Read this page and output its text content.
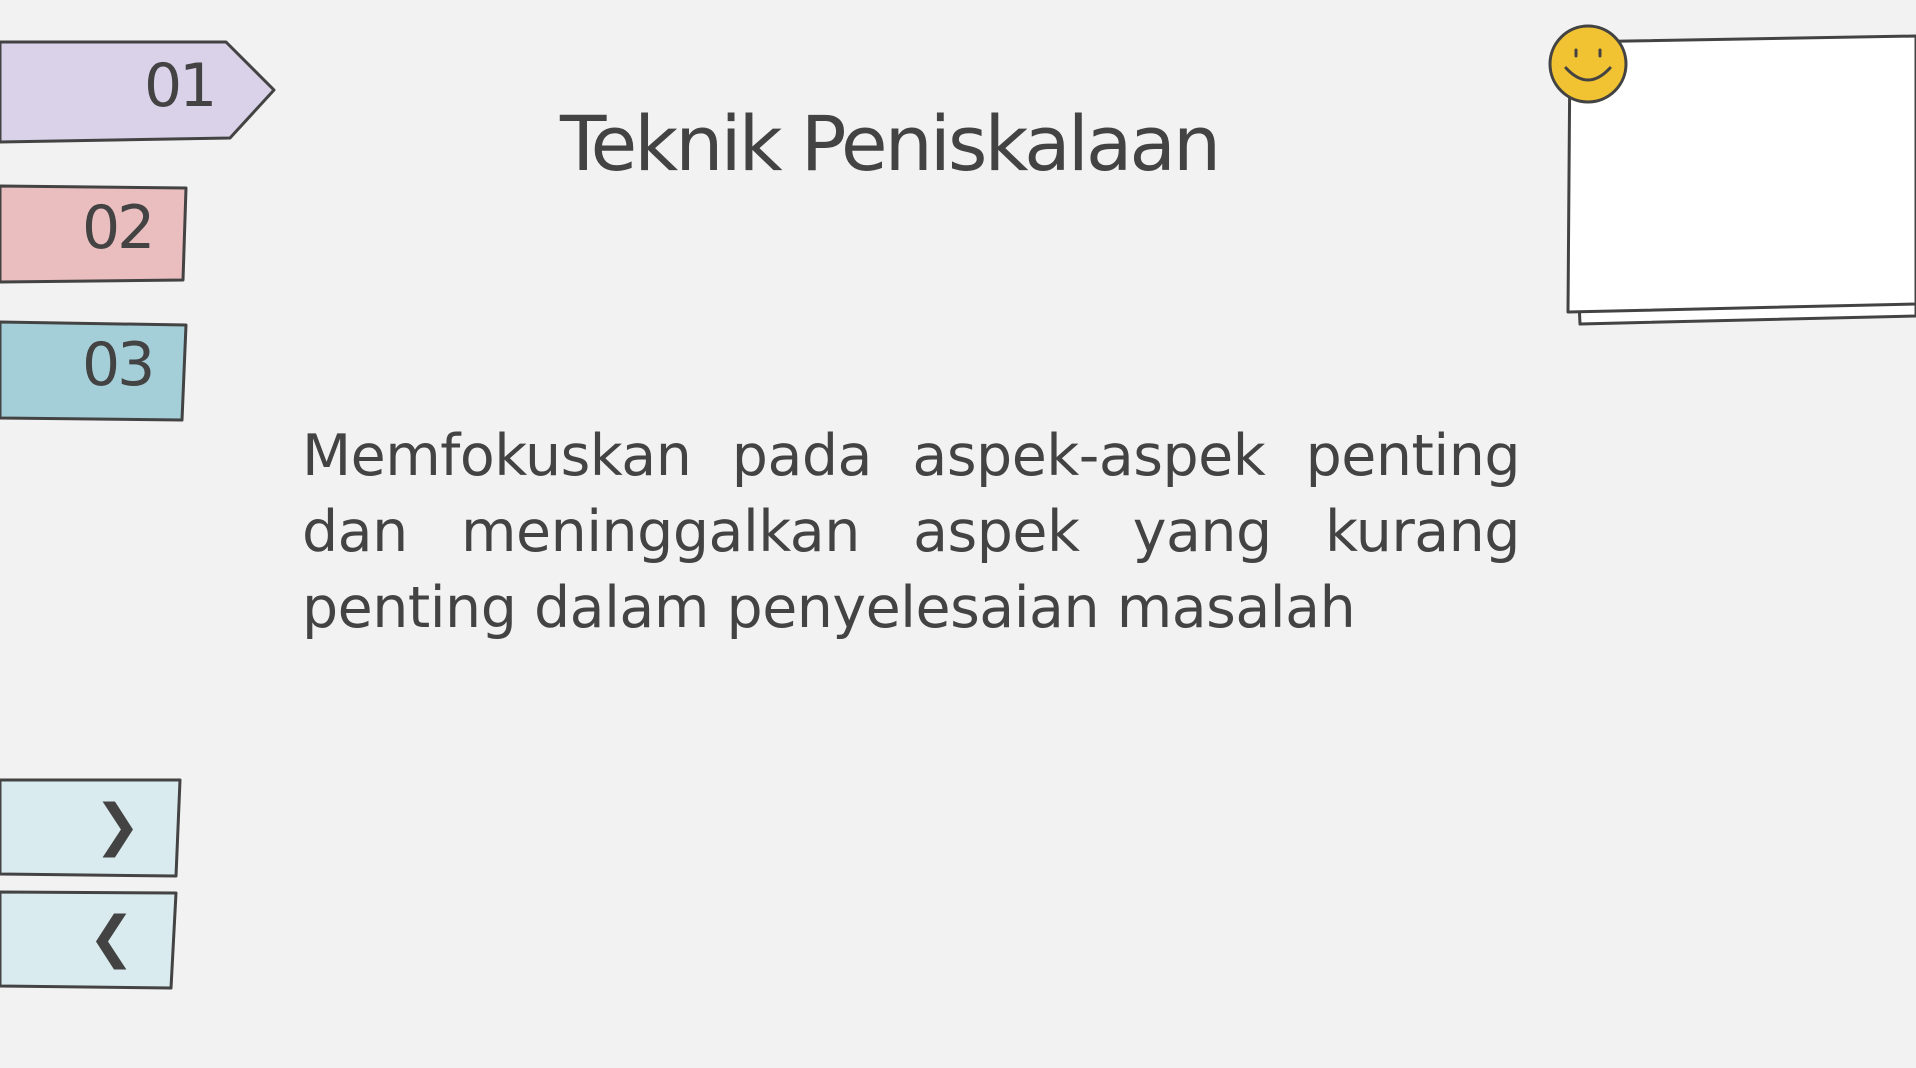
01
02
03
❯
❮
Teknik Peniskalaan
Memfokuskan pada aspek-aspek penting dan meninggalkan aspek yang kurang penting dalam penyelesaian masalah
